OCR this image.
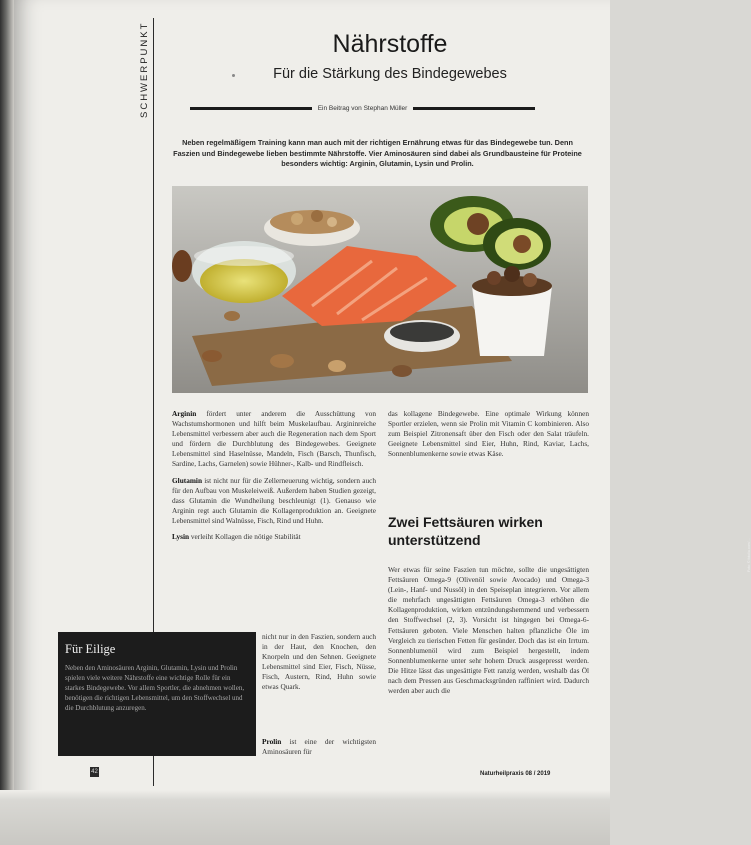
SCHWERPUNKT	Nährstoffe
Für die Stärkung des Bindegewebes
Ein Beitrag von Stephan Müller
Neben regelmäßigem Training kann man auch mit der richtigen Ernährung etwas für das Bindegewebe tun. Denn Faszien und Bindegewebe lieben bestimmte Nährstoffe. Vier Aminosäuren sind dabei als Grundbausteine für Proteine besonders wichtig: Arginin, Glutamin, Lysin und Prolin.
Foto: © fotolia.com/…

Arginin fördert unter anderem die Ausschüttung von Wachstumshormonen und hilft beim Muskelaufbau. Argininreiche Lebensmittel verbessern aber auch die Regeneration nach dem Sport und fördern die Durchblutung des Bindegewebes. Geeignete Lebensmittel sind Haselnüsse, Mandeln, Fisch (Barsch, Thunfisch, Sardine, Lachs, Garnelen) sowie Hühner-, Kalb- und Rindfleisch.

Glutamin ist nicht nur für die Zellerneuerung wichtig, sondern auch für den Aufbau von Muskeleiweiß. Außerdem haben Studien gezeigt, dass Glutamin die Wundheilung beschleunigt (1). Genauso wie Arginin regt auch Glutamin die Kollagenproduktion an. Geeignete Lebensmittel sind Walnüsse, Fisch, Rind und Huhn.

Lysin verleiht Kollagen die nötige Stabilität

nicht nur in den Faszien, sondern auch in der Haut, den Knochen, den Knorpeln und den Sehnen. Geeignete Lebensmittel sind Eier, Fisch, Nüsse, Fisch, Austern, Rind, Huhn sowie etwas Quark.

Prolin ist eine der wichtigsten Aminosäuren für

das kollagene Bindegewebe. Eine optimale Wirkung können Sportler erzielen, wenn sie Prolin mit Vitamin C kombinieren. Also zum Beispiel Zitronensaft über den Fisch oder den Salat träufeln. Geeignete Lebensmittel sind Eier, Huhn, Rind, Kaviar, Lachs, Sonnenblumenkerne sowie etwas Käse.

Zwei Fettsäuren wirken unterstützend

Wer etwas für seine Faszien tun möchte, sollte die ungesättigten Fettsäuren Omega-9 (Olivenöl sowie Avocado) und Omega-3 (Lein-, Hanf- und Nussöl) in den Speiseplan integrieren. Vor allem die mehrfach ungesättigten Fettsäuren Omega-3 erhöhen die Kollagenproduktion, wirken entzündungshemmend und verbessern den Stoffwechsel (2, 3). Vorsicht ist hingegen bei Omega-6-Fettsäuren geboten. Viele Menschen halten pflanzliche Öle im Vergleich zu tierischen Fetten für gesünder. Doch das ist ein Irrtum. Sonnenblumenöl wird zum Beispiel hergestellt, indem Sonnenblumenkerne unter sehr hohem Druck ausgepresst werden. Die Hitze lässt das ungesättigte Fett ranzig werden, weshalb das Öl nach dem Pressen aus Geschmacksgründen raffiniert wird. Dadurch werden aber auch die

Für Eilige
Neben den Aminosäuren Arginin, Glutamin, Lysin und Prolin spielen viele weitere Nährstoffe eine wichtige Rolle für ein starkes Bindegewebe. Vor allem Sportler, die abnehmen wollen, benötigen die richtigen Lebensmittel, um den Stoffwechsel und die Durchblutung anzuregen.
42	Naturheilpraxis 08 / 2019
